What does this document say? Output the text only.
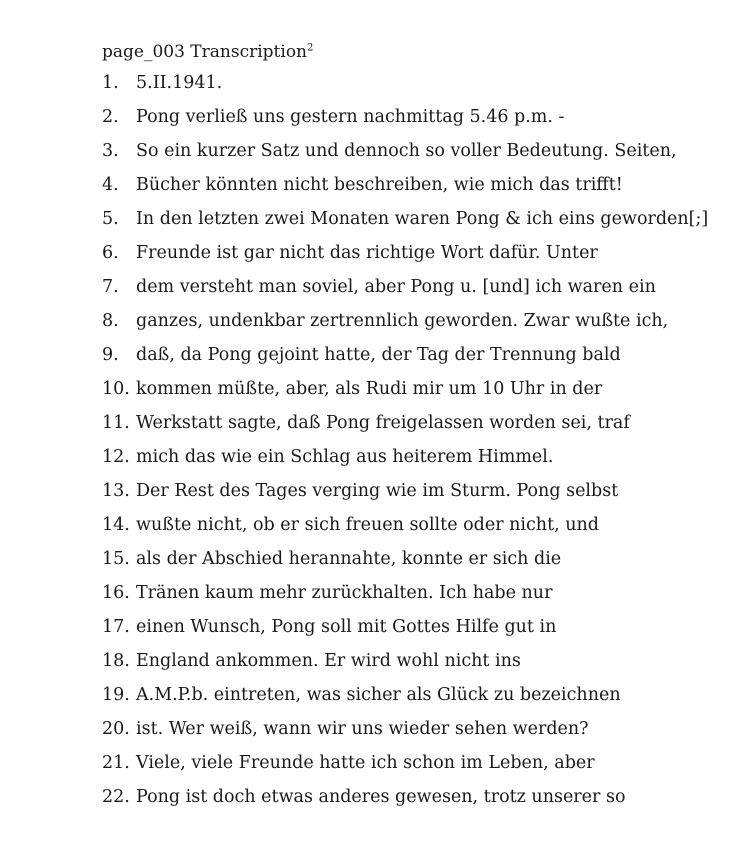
page_003 Transcription$^2$
1. 5.II.1941.
2. Pong verließ uns gestern nachmittag 5.46 p.m. -
3. So ein kurzer Satz und dennoch so voller Bedeutung. Seiten,
4. Bücher könnten nicht beschreiben, wie mich das trifft!
5. In den letzten zwei Monaten waren Pong & ich eins geworden[;]
6. Freunde ist gar nicht das richtige Wort dafür. Unter
7. dem versteht man soviel, aber Pong u. [und] ich waren ein
8. ganzes, undenkbar zertrennlich geworden. Zwar wußte ich,
9. daß, da Pong gejoint hatte, der Tag der Trennung bald
10. kommen müßte, aber, als Rudi mir um 10 Uhr in der
11. Werkstatt sagte, daß Pong freigelassen worden sei, traf
12. mich das wie ein Schlag aus heiterem Himmel.
13. Der Rest des Tages verging wie im Sturm. Pong selbst
14. wußte nicht, ob er sich freuen sollte oder nicht, und
15. als der Abschied herannahte, konnte er sich die
16. Tränen kaum mehr zurückhalten. Ich habe nur
17. einen Wunsch, Pong soll mit Gottes Hilfe gut in
18. England ankommen. Er wird wohl nicht ins
19. A.M.P.b. eintreten, was sicher als Glück zu bezeichnen
20. ist. Wer weiß, wann wir uns wieder sehen werden?
21. Viele, viele Freunde hatte ich schon im Leben, aber
22. Pong ist doch etwas anderes gewesen, trotz unserer so
